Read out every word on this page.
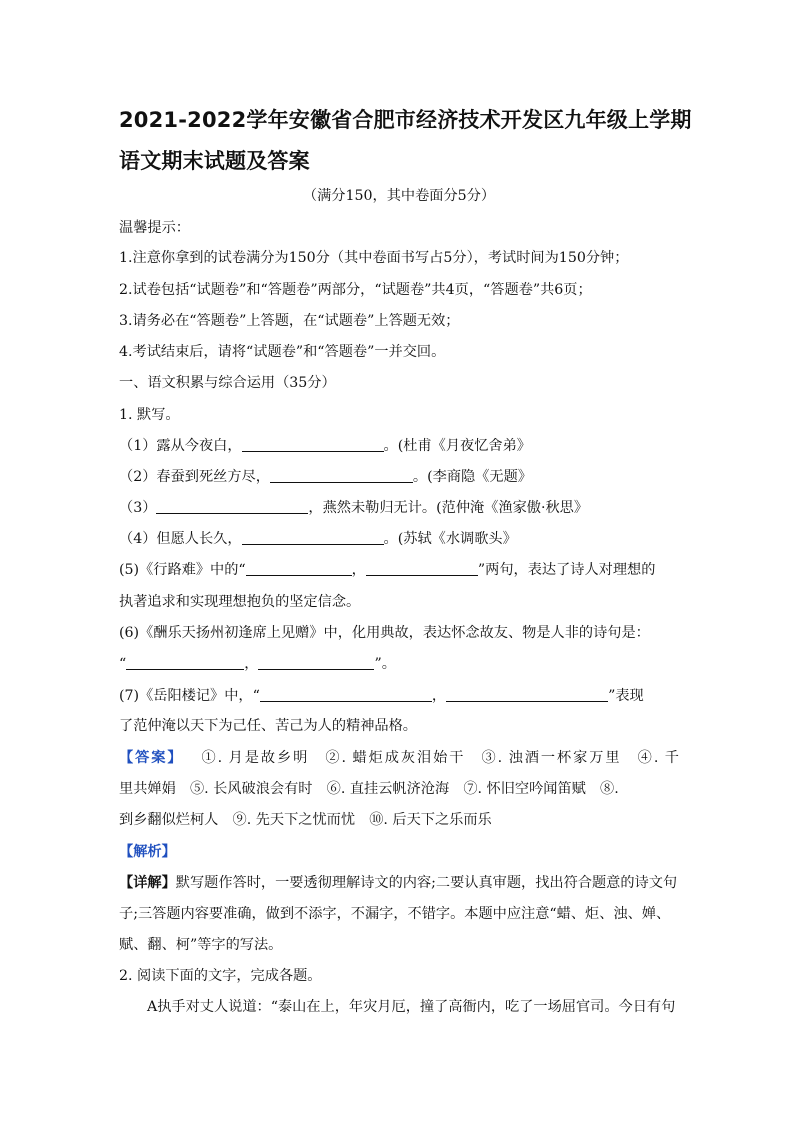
2021-2022学年安徽省合肥市经济技术开发区九年级上学期
语文期末试题及答案
（满分150，其中卷面分5分）
温馨提示：
1.注意你拿到的试卷满分为150分（其中卷面书写占5分），考试时间为150分钟；
2.试卷包括“试题卷”和“答题卷”两部分，“试题卷”共4页，“答题卷”共6页；
3.请务必在“答题卷”上答题，在“试题卷”上答题无效；
4.考试结束后，请将“试题卷”和“答题卷”一并交回。
一、语文积累与综合运用（35分）
1. 默写。
（1）露从今夜白，	。(杜甫《月夜忆舍弟》
（2）春蚕到死丝方尽，	。(李商隐《无题》
（3）	，燕然未勒归无计。(范仲淹《渔家傲·秋思》
（4）但愿人长久，	。(苏轼《水调歌头》
(5)《行路难》中的“	，	”两句，表达了诗人对理想的
执著追求和实现理想抱负的坚定信念。
(6)《酬乐天扬州初逢席上见赠》中，化用典故，表达怀念故友、物是人非的诗句是：
“	，	”。
(7)《岳阳楼记》中，“	，	”表现
了范仲淹以天下为己任、苦己为人的精神品格。
【答案】 ①. 月是故乡明　②. 蜡炬成灰泪始干　③. 浊酒一杯家万里　④. 千
里共婵娟　⑤. 长风破浪会有时　⑥. 直挂云帆济沧海　⑦. 怀旧空吟闻笛赋　⑧.
到乡翻似烂柯人　⑨. 先天下之忧而忧　⑩. 后天下之乐而乐
【解析】
【详解】默写题作答时，一要透彻理解诗文的内容;二要认真审题，找出符合题意的诗文句
子;三答题内容要准确，做到不添字，不漏字，不错字。本题中应注意“蜡、炬、浊、婵、
赋、翻、柯”等字的写法。
2. 阅读下面的文字，完成各题。
A执手对丈人说道：“泰山在上，年灾月厄，撞了高衙内，吃了一场屈官司。今日有句
